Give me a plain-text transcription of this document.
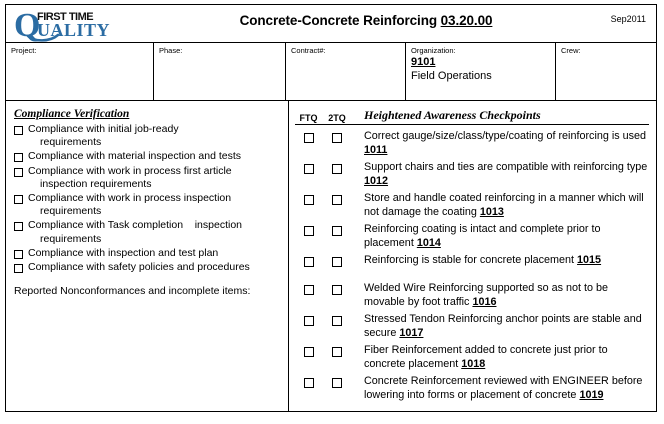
Q
FIRST TIME
UALITY	Concrete-Concrete Reinforcing 03.20.00	Sep2011
Project:	Phase:	Contract#:	Organization:
9101
Field Operations
Crew:
Compliance Verification
Compliance with initial job-ready
requirements
Compliance with material inspection and tests
Compliance with work in process first article
inspection requirements
Compliance with work in process inspection
requirements
Compliance with Task completion    inspection
requirements
Compliance with inspection and test plan
Compliance with safety policies and procedures
Reported Nonconformances and incomplete items:
FTQ	2TQ	Heightened Awareness Checkpoints
Correct gauge/size/class/type/coating of reinforcing is used 1011
Support chairs and ties are compatible with reinforcing type 1012
Store and handle coated reinforcing in a manner which will not damage the coating 1013
Reinforcing coating is intact and complete prior to placement 1014
Reinforcing is stable for concrete placement 1015
Welded Wire Reinforcing supported so as not to be movable by foot traffic 1016
Stressed Tendon Reinforcing anchor points are stable and secure 1017
Fiber Reinforcement added to concrete just prior to concrete placement 1018
Concrete Reinforcement reviewed with ENGINEER before lowering into forms or placement of concrete 1019
